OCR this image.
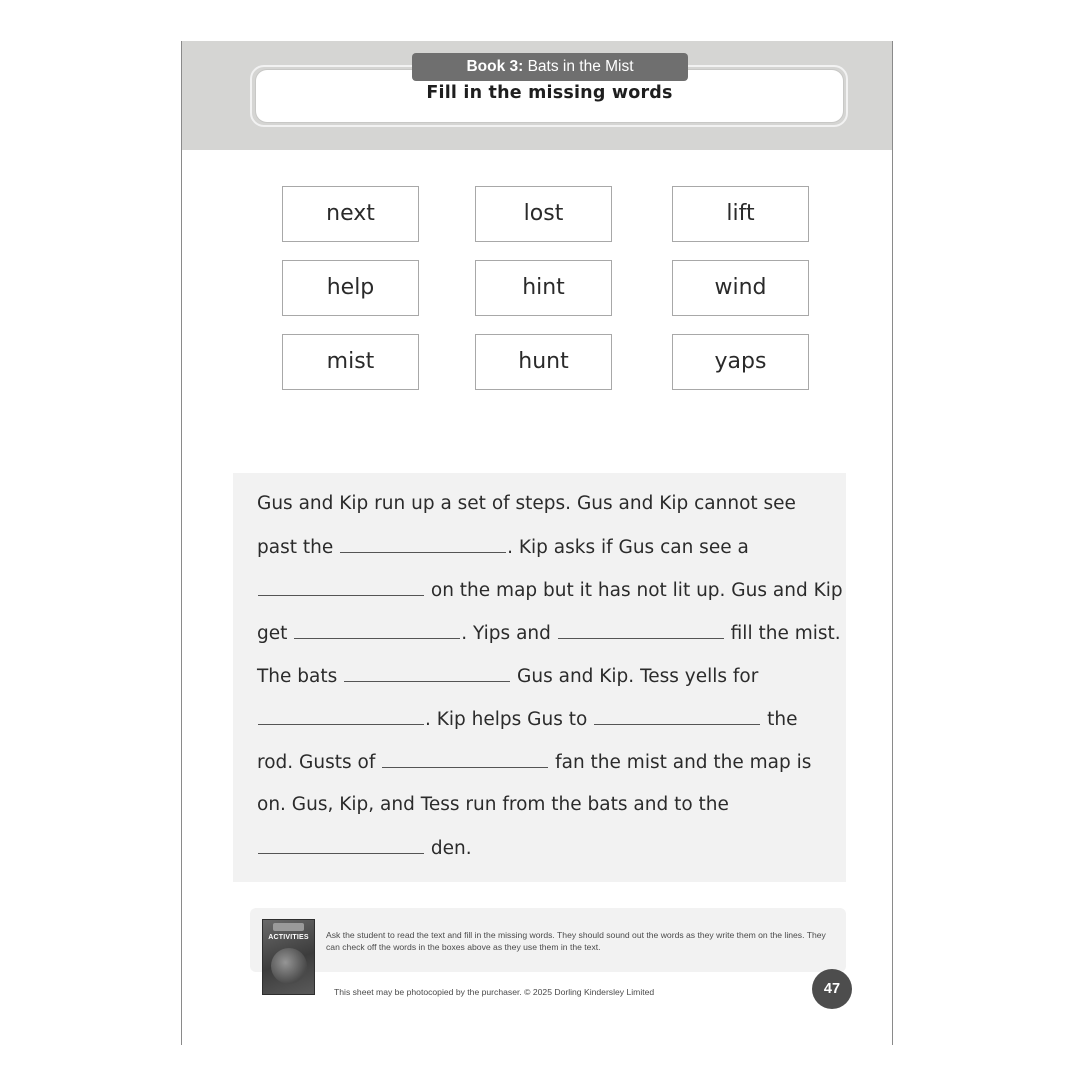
Book 3: Bats in the Mist
Fill in the missing words
next	lost	lift
help	hint	wind
mist	hunt	yaps
Gus and Kip run up a set of steps. Gus and Kip cannot see
past the	. Kip asks if Gus can see a
on the map but it has not lit up. Gus and Kip
get	. Yips and	fill the mist.
The bats	Gus and Kip. Tess yells for
. Kip helps Gus to	the
rod. Gusts of	fan the mist and the map is
on. Gus, Kip, and Tess run from the bats and to the
den.
ACTIVITIES	Ask the student to read the text and fill in the missing words. They should sound out the words as they write them on the lines. They can check off the words in the boxes above as they use them in the text.
This sheet may be photocopied by the purchaser. © 2025 Dorling Kindersley Limited	47
